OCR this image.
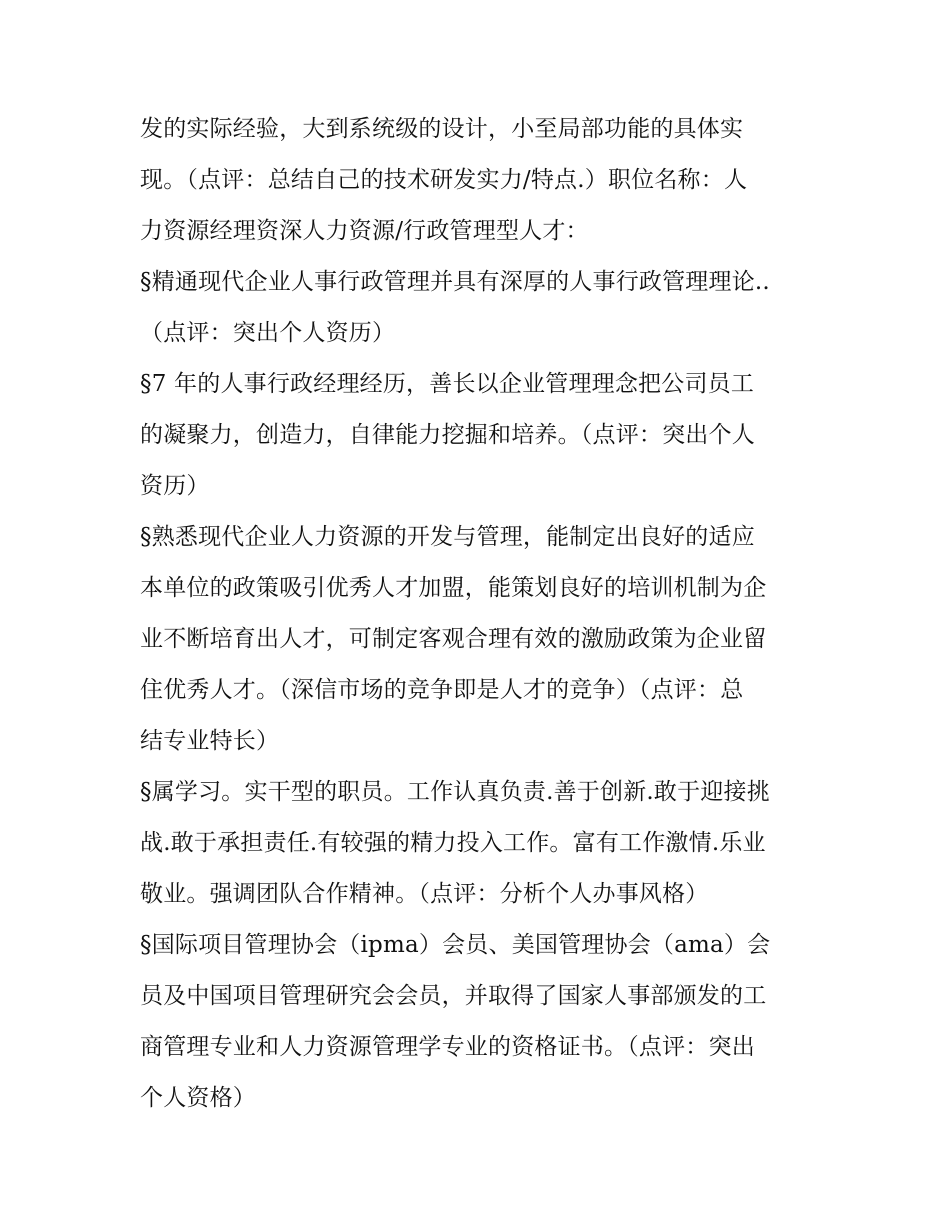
发的实际经验，大到系统级的设计，小至局部功能的具体实
现。（点评：总结自己的技术研发实力/特点.）职位名称：人
力资源经理资深人力资源/行政管理型人才：
§精通现代企业人事行政管理并具有深厚的人事行政管理理论..
（点评：突出个人资历）
§7 年的人事行政经理经历，善长以企业管理理念把公司员工
的凝聚力，创造力，自律能力挖掘和培养。（点评：突出个人
资历）
§熟悉现代企业人力资源的开发与管理，能制定出良好的适应
本单位的政策吸引优秀人才加盟，能策划良好的培训机制为企
业不断培育出人才，可制定客观合理有效的激励政策为企业留
住优秀人才。（深信市场的竞争即是人才的竞争）（点评：总
结专业特长）
§属学习。实干型的职员。工作认真负责.善于创新.敢于迎接挑
战.敢于承担责任.有较强的精力投入工作。富有工作激情.乐业
敬业。强调团队合作精神。（点评：分析个人办事风格）
§国际项目管理协会（ipma）会员、美国管理协会（ama）会
员及中国项目管理研究会会员，并取得了国家人事部颁发的工
商管理专业和人力资源管理学专业的资格证书。（点评：突出
个人资格）
